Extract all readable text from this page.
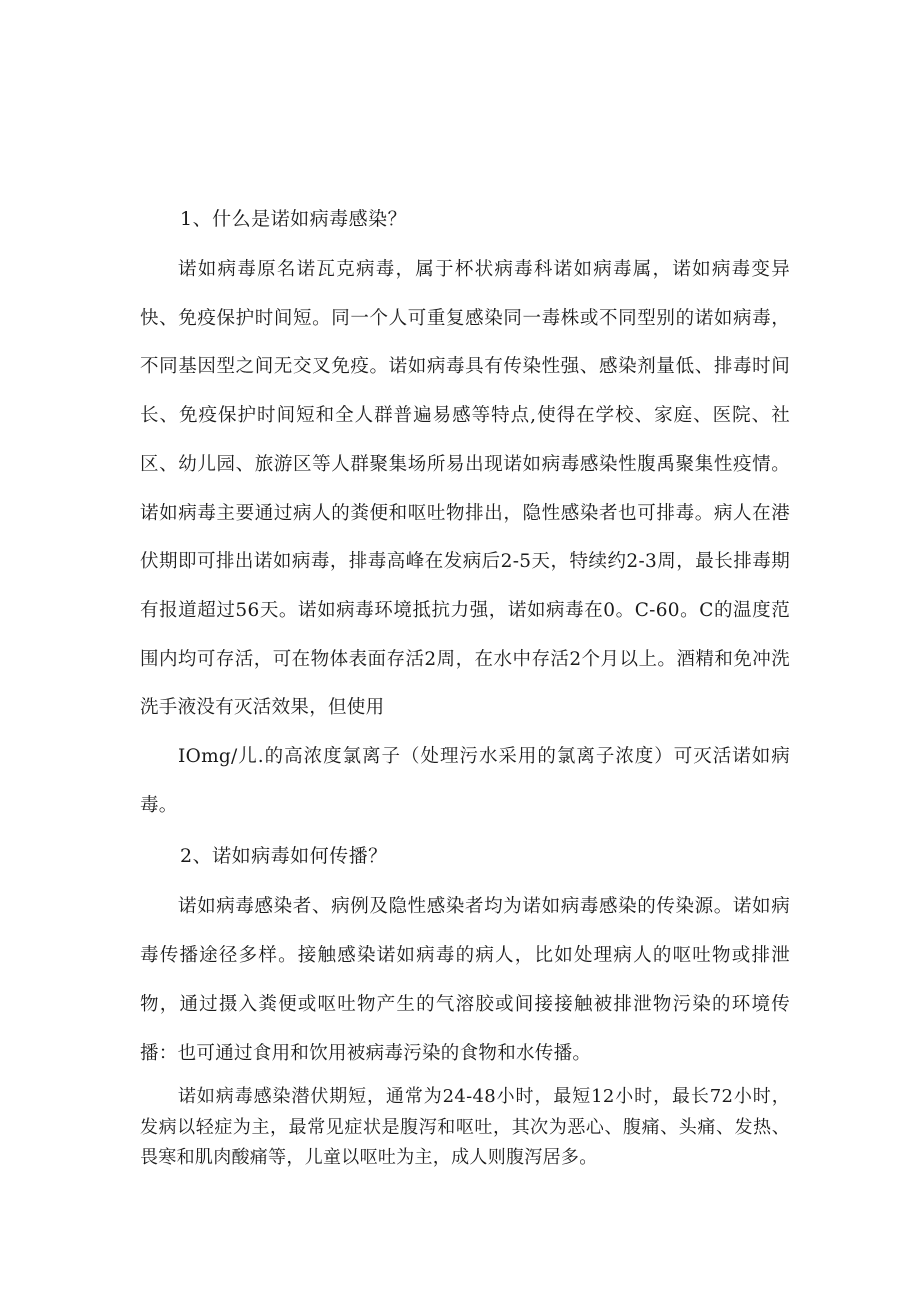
1、什么是诺如病毒感染？

诺如病毒原名诺瓦克病毒，属于杯状病毒科诺如病毒属，诺如病毒变异快、免疫保护时间短。同一个人可重复感染同一毒株或不同型别的诺如病毒，不同基因型之间无交叉免疫。诺如病毒具有传染性强、感染剂量低、排毒时间长、免疫保护时间短和全人群普遍易感等特点,使得在学校、家庭、医院、社区、幼儿园、旅游区等人群聚集场所易出现诺如病毒感染性腹禹聚集性疫情。诺如病毒主要通过病人的粪便和呕吐物排出，隐性感染者也可排毒。病人在港伏期即可排出诺如病毒，排毒高峰在发病后2-5天，特续约2-3周，最长排毒期有报道超过56天。诺如病毒环境抵抗力强，诺如病毒在0。C-60。C的温度范围内均可存活，可在物体表面存活2周，在水中存活2个月以上。酒精和免冲洗洗手液没有灭活效果，但使用

IOmg/儿.的高浓度氯离子（处理污水采用的氯离子浓度）可灭活诺如病毒。

2、诺如病毒如何传播？

诺如病毒感染者、病例及隐性感染者均为诺如病毒感染的传染源。诺如病毒传播途径多样。接触感染诺如病毒的病人，比如处理病人的呕吐物或排泄物，通过摄入粪便或呕吐物产生的气溶胶或间接接触被排泄物污染的环境传播：也可通过食用和饮用被病毒污染的食物和水传播。

诺如病毒感染潜伏期短，通常为24-48小时，最短12小时，最长72小时，发病以轻症为主，最常见症状是腹泻和呕吐，其次为恶心、腹痛、头痛、发热、畏寒和肌肉酸痛等，儿童以呕吐为主，成人则腹泻居多。
